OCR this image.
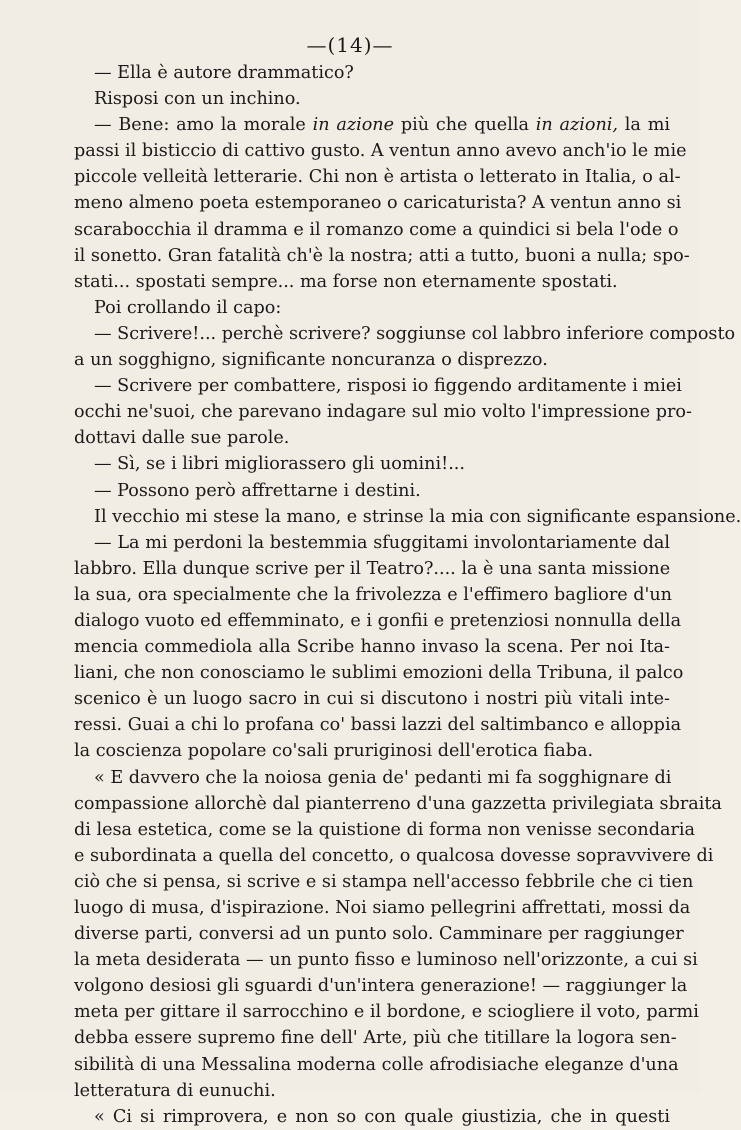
—(14)—
— Ella è autore drammatico?
Risposi con un inchino.
— Bene: amo la morale in azione più che quella in azioni, la mi
passi il bisticcio di cattivo gusto. A ventun anno avevo anch'io le mie
piccole velleità letterarie. Chi non è artista o letterato in Italia, o al-
meno almeno poeta estemporaneo o caricaturista? A ventun anno si
scarabocchia il dramma e il romanzo come a quindici si bela l'ode o
il sonetto. Gran fatalità ch'è la nostra; atti a tutto, buoni a nulla; spo-
stati... spostati sempre... ma forse non eternamente spostati.
Poi crollando il capo:
— Scrivere!... perchè scrivere? soggiunse col labbro inferiore composto
a un sogghigno, significante noncuranza o disprezzo.
— Scrivere per combattere, risposi io figgendo arditamente i miei
occhi ne'suoi, che parevano indagare sul mio volto l'impressione pro-
dottavi dalle sue parole.
— Sì, se i libri migliorassero gli uomini!...
— Possono però affrettarne i destini.
Il vecchio mi stese la mano, e strinse la mia con significante espansione.
— La mi perdoni la bestemmia sfuggitami involontariamente dal
labbro. Ella dunque scrive per il Teatro?.... la è una santa missione
la sua, ora specialmente che la frivolezza e l'effimero bagliore d'un
dialogo vuoto ed effemminato, e i gonfii e pretenziosi nonnulla della
mencia commediola alla Scribe hanno invaso la scena. Per noi Ita-
liani, che non conosciamo le sublimi emozioni della Tribuna, il palco
scenico è un luogo sacro in cui si discutono i nostri più vitali inte-
ressi. Guai a chi lo profana co' bassi lazzi del saltimbanco e alloppia
la coscienza popolare co'sali pruriginosi dell'erotica fiaba.
« E davvero che la noiosa genia de' pedanti mi fa sogghignare di
compassione allorchè dal pianterreno d'una gazzetta privilegiata sbraita
di lesa estetica, come se la quistione di forma non venisse secondaria
e subordinata a quella del concetto, o qualcosa dovesse sopravvivere di
ciò che si pensa, si scrive e si stampa nell'accesso febbrile che ci tien
luogo di musa, d'ispirazione. Noi siamo pellegrini affrettati, mossi da
diverse parti, conversi ad un punto solo. Camminare per raggiunger
la meta desiderata — un punto fisso e luminoso nell'orizzonte, a cui si
volgono desiosi gli sguardi d'un'intera generazione! — raggiunger la
meta per gittare il sarrocchino e il bordone, e sciogliere il voto, parmi
debba essere supremo fine dell' Arte, più che titillare la logora sen-
sibilità di una Messalina moderna colle afrodisiache eleganze d'una
letteratura di eunuchi.
« Ci si rimprovera, e non so con quale giustizia, che in questi
